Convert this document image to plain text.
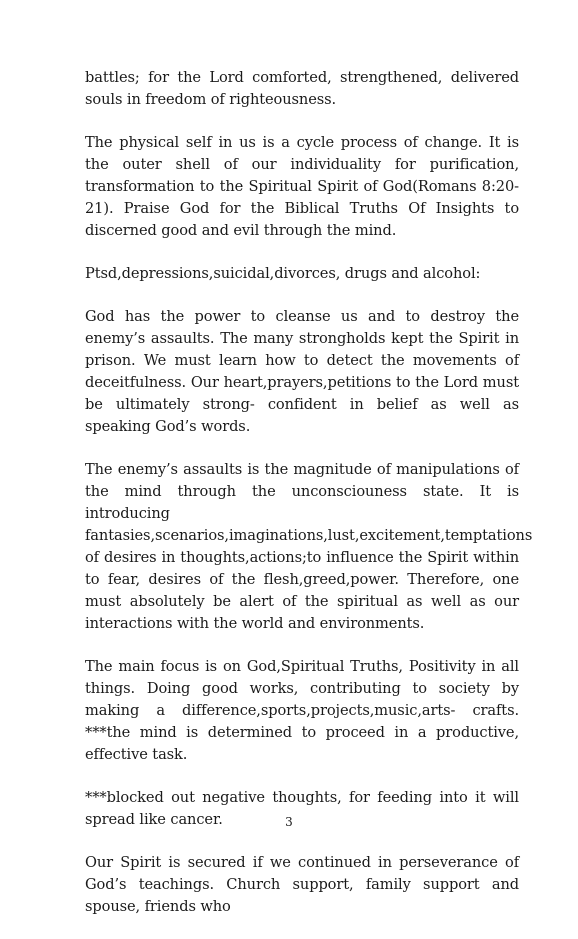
battles; for the Lord comforted, strengthened, delivered souls in freedom of righteousness.

The physical self in us is a cycle process of change. It is the outer shell of our individuality for purification, transformation to the Spiritual Spirit of God(Romans 8:20-21). Praise God for the Biblical Truths Of Insights to discerned good and evil through the mind.

Ptsd,depressions,suicidal,divorces, drugs and alcohol:

God has the power to cleanse us and to destroy the enemy’s assaults. The many strongholds kept the Spirit in prison. We must learn how to detect the movements of deceitfulness. Our heart,prayers,petitions to the Lord must be ultimately strong- confident in belief as well as speaking God’s words.

The enemy’s assaults is the magnitude of manipulations of the mind through the unconsciouness state. It is introducing fantasies,scenarios,imaginations,lust,excitement,temptations of desires in thoughts,actions;to influence the Spirit within to fear, desires of the flesh,greed,power. Therefore, one must absolutely be alert of the spiritual as well as our interactions with the world and environments.

The main focus is on God,Spiritual Truths, Positivity in all things. Doing good works, contributing to society by making a difference,sports,projects,music,arts- crafts. ***the mind is determined to proceed in a productive, effective task.

***blocked out negative thoughts, for feeding into it will spread like cancer.

Our Spirit is secured if we continued in perseverance of God’s teachings. Church support, family support and spouse, friends who

3
